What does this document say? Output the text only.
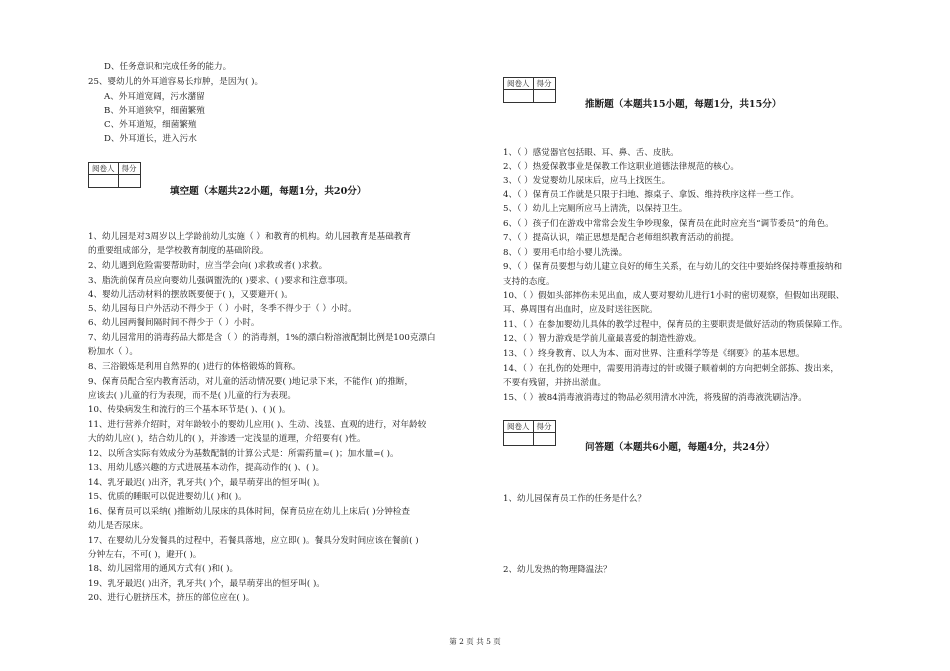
D、任务意识和完成任务的能力。
25、婴幼儿的外耳道容易长疖肿，是因为( )。
A、外耳道宽阔，污水潴留
B、外耳道狭窄，细菌繁殖
C、外耳道短，细菌繁殖
D、外耳道长，进入污水
阅卷人	得分

填空题（本题共22小题，每题1分，共20分）
1、幼儿园是对3周岁以上学龄前幼儿实施（ ）和教育的机构。幼儿园教育是基础教育
的重要组成部分，是学校教育制度的基础阶段。
2、幼儿遇到危险需要帮助时，应当学会向( )求救或者( )求救。
3、脂洗前保育员应向婴幼儿强调盥洗的( )要求、( )要求和注意事项。
4、婴幼儿活动材料的摆放既要便于( )，又要避开( )。
5、幼儿园每日户外活动不得少于（ ）小时，冬季不得少于（ ）小时。
6、幼儿园两餐间隔时间不得少于（ ）小时。
7、幼儿园常用的消毒药品大都是含（ ）的消毒剂，1%的漂白粉溶液配制比例是100克漂白
粉加水（ ）。
8、三浴锻炼是利用自然界的( )进行的体格锻炼的简称。
9、保育员配合室内教育活动，对儿童的活动情况要( )地记录下来，不能作( )的推断，
应该去( )儿童的行为表现，而不是( )儿童的行为表现。
10、传染病发生和流行的三个基本环节是( )、( )( )。
11、进行营养介绍时，对年龄较小的婴幼儿应用( )、生动、浅显、直观的进行，对年龄较
大的幼儿应( )，结合幼儿的( )，并渗透一定浅显的道理，介绍要有( )性。
12、以所含实际有效成分为基数配制的计算公式是：所需药量=( )；加水量=( )。
13、用幼儿感兴趣的方式进展基本动作，提高动作的( )、( )。
14、乳牙最迟( )出齐，乳牙共( )个，最早萌芽出的恒牙叫( )。
15、优质的睡眠可以促进婴幼儿( )和( )。
16、保育员可以采纳( )推断幼儿尿床的具体时间，保育员应在幼儿上床后( )分钟检查
幼儿是否尿床。
17、在婴幼儿分发餐具的过程中，若餐具落地，应立即( )。餐具分发时间应该在餐前( )
分钟左右，不可( )，避开( )。
18、幼儿园常用的通风方式有( )和( )。
19、乳牙最迟( )出齐，乳牙共( )个，最早萌芽出的恒牙叫( )。
20、进行心脏挤压术，挤压的部位应在( )。
阅卷人	得分

推断题（本题共15小题，每题1分，共15分）
1、（ ）感觉器官包括眼、耳、鼻、舌、皮肤。
2、（ ）热爱保教事业是保教工作这职业道德法律规范的核心。
3、（ ）发觉婴幼儿尿床后，应马上找医生。
4、（ ）保育员工作就是只限于扫地、擦桌子、拿饭、维持秩序这样一些工作。
5、（ ）幼儿上完厕所应马上清洗，以保持卫生。
6、（ ）孩子们在游戏中常常会发生争吵现象，保育员在此时应充当“调节委员”的角色。
7、（ ）提高认识，端正思想是配合老师组织教育活动的前提。
8、（ ）要用毛巾给小婴儿洗澡。
9、（ ）保育员要想与幼儿建立良好的师生关系，在与幼儿的交往中要始终保持尊重接纳和
支持的态度。
10、（ ）假如头部摔伤未见出血，成人要对婴幼儿进行1小时的密切观察，但假如出现眼、
耳、鼻周围有出血时，应及时送往医院。
11、（ ）在参加婴幼儿具体的教学过程中，保育员的主要职责是做好活动的物质保障工作。
12、（ ）智力游戏是学前儿童最喜爱的制造性游戏。
13、（ ）终身教育、以人为本、面对世界、注重科学等是《纲要》的基本思想。
14、（ ）在扎伤的处理中，需要用消毒过的针或镊子顺着刺的方向把刺全部拣、拨出来，
不要有残留，并挤出淤血。
15、（ ）被84消毒液消毒过的物品必须用清水冲洗，将残留的消毒液洗刷洁净。
阅卷人	得分

问答题（本题共6小题，每题4分，共24分）
1、幼儿园保育员工作的任务是什么？
2、幼儿发热的物理降温法？
第 2 页 共 5 页
